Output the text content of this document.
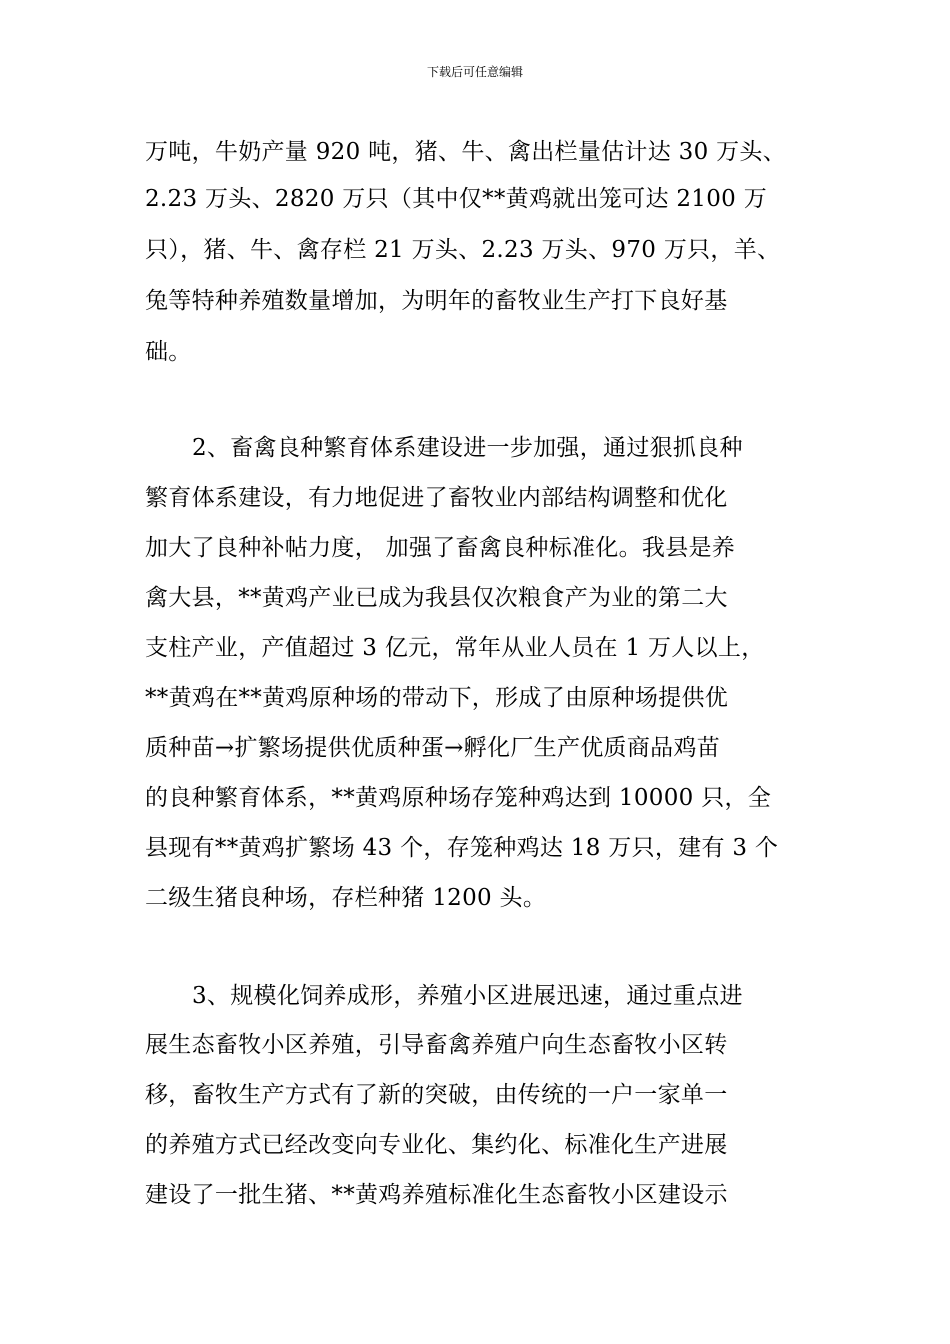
下载后可任意编辑
万吨，牛奶产量 920 吨，猪、牛、禽出栏量估计达 30 万头、
2.23 万头、2820 万只（其中仅**黄鸡就出笼可达 2100 万
只），猪、牛、禽存栏 21 万头、2.23 万头、970 万只，羊、
兔等特种养殖数量增加，为明年的畜牧业生产打下良好基
础。
2、畜禽良种繁育体系建设进一步加强，通过狠抓良种
繁育体系建设，有力地促进了畜牧业内部结构调整和优化
加大了良种补帖力度， 加强了畜禽良种标准化。我县是养
禽大县，**黄鸡产业已成为我县仅次粮食产为业的第二大
支柱产业，产值超过 3 亿元，常年从业人员在 1 万人以上，
**黄鸡在**黄鸡原种场的带动下，形成了由原种场提供优
质种苗→扩繁场提供优质种蛋→孵化厂生产优质商品鸡苗
的良种繁育体系，**黄鸡原种场存笼种鸡达到 10000 只，全
县现有**黄鸡扩繁场 43 个，存笼种鸡达 18 万只，建有 3 个
二级生猪良种场，存栏种猪 1200 头。
3、规模化饲养成形，养殖小区进展迅速，通过重点进
展生态畜牧小区养殖，引导畜禽养殖户向生态畜牧小区转
移，畜牧生产方式有了新的突破，由传统的一户一家单一
的养殖方式已经改变向专业化、集约化、标准化生产进展
建设了一批生猪、**黄鸡养殖标准化生态畜牧小区建设示
